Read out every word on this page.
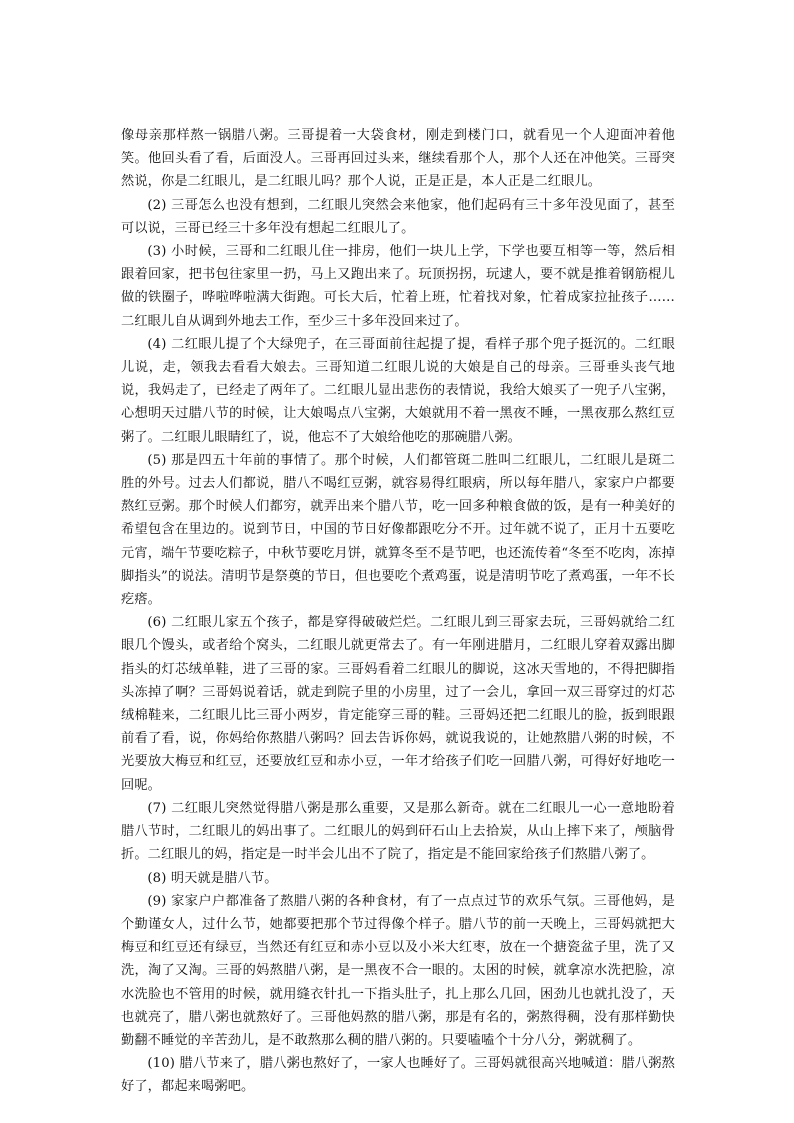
像母亲那样熬一锅腊八粥。三哥提着一大袋食材，刚走到楼门口，就看见一个人迎面冲着他笑。他回头看了看，后面没人。三哥再回过头来，继续看那个人，那个人还在冲他笑。三哥突然说，你是二红眼儿，是二红眼儿吗？那个人说，正是正是，本人正是二红眼儿。

(2) 三哥怎么也没有想到，二红眼儿突然会来他家，他们起码有三十多年没见面了，甚至可以说，三哥已经三十多年没有想起二红眼儿了。

(3) 小时候，三哥和二红眼儿住一排房，他们一块儿上学，下学也要互相等一等，然后相跟着回家，把书包往家里一扔，马上又跑出来了。玩顶拐拐，玩逮人，要不就是推着钢筋棍儿做的铁圈子，哗啦哗啦满大街跑。可长大后，忙着上班，忙着找对象，忙着成家拉扯孩子……二红眼儿自从调到外地去工作，至少三十多年没回来过了。

(4) 二红眼儿提了个大绿兜子，在三哥面前往起提了提，看样子那个兜子挺沉的。二红眼儿说，走，领我去看看大娘去。三哥知道二红眼儿说的大娘是自己的母亲。三哥垂头丧气地说，我妈走了，已经走了两年了。二红眼儿显出悲伤的表情说，我给大娘买了一兜子八宝粥，心想明天过腊八节的时候，让大娘喝点八宝粥，大娘就用不着一黑夜不睡，一黑夜那么熬红豆粥了。二红眼儿眼睛红了，说，他忘不了大娘给他吃的那碗腊八粥。

(5) 那是四五十年前的事情了。那个时候，人们都管斑二胜叫二红眼儿，二红眼儿是斑二胜的外号。过去人们都说，腊八不喝红豆粥，就容易得红眼病，所以每年腊八，家家户户都要熬红豆粥。那个时候人们都穷，就弄出来个腊八节，吃一回多种粮食做的饭，是有一种美好的希望包含在里边的。说到节日，中国的节日好像都跟吃分不开。过年就不说了，正月十五要吃元宵，端午节要吃粽子，中秋节要吃月饼，就算冬至不是节吧，也还流传着“冬至不吃肉，冻掉脚指头”的说法。清明节是祭奠的节日，但也要吃个煮鸡蛋，说是清明节吃了煮鸡蛋，一年不长疙瘩。

(6) 二红眼儿家五个孩子，都是穿得破破烂烂。二红眼儿到三哥家去玩，三哥妈就给二红眼几个馒头，或者给个窝头，二红眼儿就更常去了。有一年刚进腊月，二红眼儿穿着双露出脚指头的灯芯绒单鞋，进了三哥的家。三哥妈看着二红眼儿的脚说，这冰天雪地的，不得把脚指头冻掉了啊？三哥妈说着话，就走到院子里的小房里，过了一会儿，拿回一双三哥穿过的灯芯绒棉鞋来，二红眼儿比三哥小两岁，肯定能穿三哥的鞋。三哥妈还把二红眼儿的脸，扳到眼跟前看了看，说，你妈给你熬腊八粥吗？回去告诉你妈，就说我说的，让她熬腊八粥的时候，不光要放大梅豆和红豆，还要放红豆和赤小豆，一年才给孩子们吃一回腊八粥，可得好好地吃一回呢。

(7) 二红眼儿突然觉得腊八粥是那么重要，又是那么新奇。就在二红眼儿一心一意地盼着腊八节时，二红眼儿的妈出事了。二红眼儿的妈到矸石山上去拾炭，从山上摔下来了，颅脑骨折。二红眼儿的妈，指定是一时半会儿出不了院了，指定是不能回家给孩子们熬腊八粥了。

(8) 明天就是腊八节。

(9) 家家户户都准备了熬腊八粥的各种食材，有了一点点过节的欢乐气氛。三哥他妈，是个勤谨女人，过什么节，她都要把那个节过得像个样子。腊八节的前一天晚上，三哥妈就把大梅豆和红豆还有绿豆，当然还有红豆和赤小豆以及小米大红枣，放在一个搪瓷盆子里，洗了又洗，淘了又淘。三哥的妈熬腊八粥，是一黑夜不合一眼的。太困的时候，就拿凉水洗把脸，凉水洗脸也不管用的时候，就用缝衣针扎一下指头肚子，扎上那么几回，困劲儿也就扎没了，天也就亮了，腊八粥也就熬好了。三哥他妈熬的腊八粥，那是有名的，粥熬得稠，没有那样勤快勤翻不睡觉的辛苦劲儿，是不敢熬那么稠的腊八粥的。只要嗑嗑个十分八分，粥就稠了。

(10) 腊八节来了，腊八粥也熬好了，一家人也睡好了。三哥妈就很高兴地喊道：腊八粥熬好了，都起来喝粥吧。
